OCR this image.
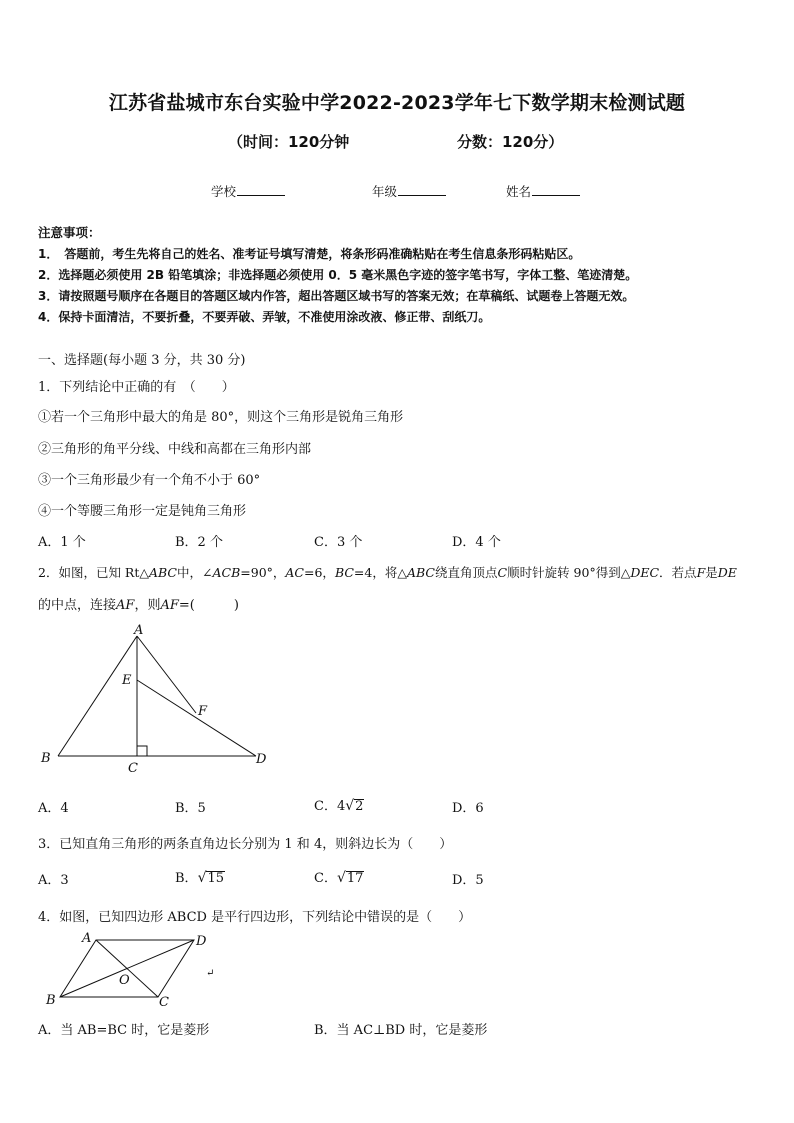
江苏省盐城市东台实验中学2022-2023学年七下数学期末检测试题
（时间：120分钟	分数：120分）
学校	年级	姓名
注意事项：
1．　答题前，考生先将自己的姓名、准考证号填写清楚，将条形码准确粘贴在考生信息条形码粘贴区。
2．选择题必须使用 2B 铅笔填涂；非选择题必须使用 0．5 毫米黑色字迹的签字笔书写，字体工整、笔迹清楚。
3．请按照题号顺序在各题目的答题区域内作答，超出答题区域书写的答案无效；在草稿纸、试题卷上答题无效。
4．保持卡面清洁，不要折叠，不要弄破、弄皱，不准使用涂改液、修正带、刮纸刀。
一、选择题(每小题 3 分，共 30 分)
1．下列结论中正确的有　（　　）
①若一个三角形中最大的角是 80°，则这个三角形是锐角三角形
②三角形的角平分线、中线和高都在三角形内部
③一个三角形最少有一个角不小于 60°
④一个等腰三角形一定是钝角三角形
A．1 个	B．2 个	C．3 个	D．4 个
2．如图，已知 Rt△ABC中，∠ACB=90°，AC=6，BC=4，将△ABC绕直角顶点C顺时针旋转 90°得到△DEC．若点F是DE
的中点，连接AF，则AF=(　　　)
A
E
F
B
C
D
A．4	B．5	C．4√2	D．6
3．已知直角三角形的两条直角边长分别为 1 和 4，则斜边长为（　　）
A．3	B．√15	C．√17	D．5
4．如图，已知四边形 ABCD 是平行四边形，下列结论中错误的是（　　）
A	D
B	C
O	↵
A．当 AB=BC 时，它是菱形	B．当 AC⊥BD 时，它是菱形
